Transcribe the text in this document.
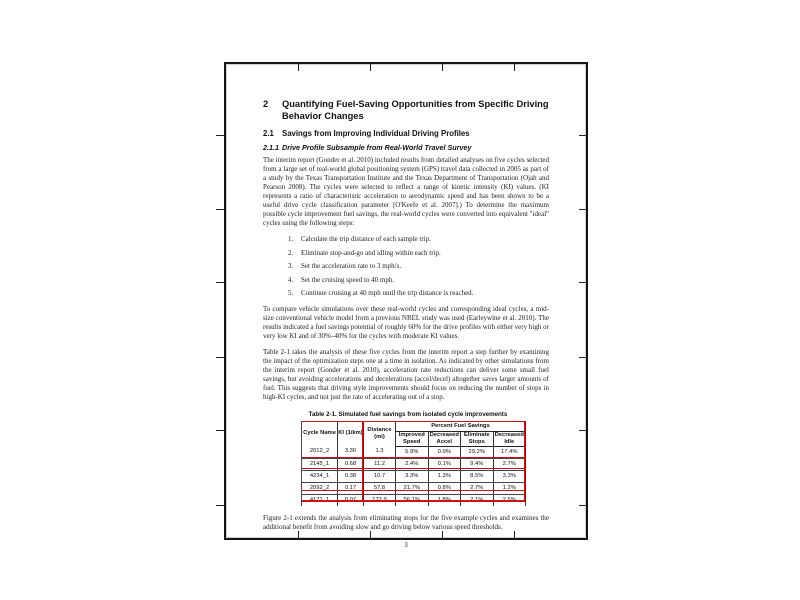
2	Quantifying Fuel-Saving Opportunities from Specific Driving Behavior Changes
2.1	Savings from Improving Individual Driving Profiles
2.1.1 Drive Profile Subsample from Real-World Travel Survey
The interim report (Gonder et al. 2010) included results from detailed analyses on five cycles selected from a large set of real-world global positioning system (GPS) travel data collected in 2005 as part of a study by the Texas Transportation Institute and the Texas Department of Transportation (Ojah and Pearson 2008). The cycles were selected to reflect a range of kinetic intensity (KI) values. (KI represents a ratio of characteristic acceleration to aerodynamic speed and has been shown to be a useful drive cycle classification parameter [O'Keefe et al. 2007].) To determine the maximum possible cycle improvement fuel savings, the real-world cycles were converted into equivalent "ideal" cycles using the following steps:
1.	Calculate the trip distance of each sample trip.
2.	Eliminate stop-and-go and idling within each trip.
3.	Set the acceleration rate to 3 mph/s.
4.	Set the cruising speed to 40 mph.
5.	Continue cruising at 40 mph until the trip distance is reached.
To compare vehicle simulations over these real-world cycles and corresponding ideal cycles, a mid-size conventional vehicle model from a previous NREL study was used (Earleywine et al. 2010). The results indicated a fuel savings potential of roughly 60% for the drive profiles with either very high or very low KI and of 30%–40% for the cycles with moderate KI values.
Table 2-1 takes the analysis of these five cycles from the interim report a step further by examining the impact of the optimization steps one at a time in isolation. As indicated by other simulations from the interim report (Gonder et al. 2010), acceleration rate reductions can deliver some small fuel savings, but avoiding accelerations and decelerations (accel/decel) altogether saves larger amounts of fuel. This suggests that driving style improvements should focus on reducing the number of stops in high-KI cycles, and not just the rate of accelerating out of a stop.
Table 2-1. Simulated fuel savings from isolated cycle improvements
Cycle Name	KI (1/km)	Distance (mi)	Percent Fuel Savings			
			Improved Speed	Decreased Accel	Eliminate Stops	Decreased Idle
2012_2	3.30	1.3	5.9%	0.9%	29.2%	17.4%
2145_1	0.68	11.2	2.4%	0.1%	9.4%	2.7%
4234_1	0.38	10.7	3.3%	1.3%	8.5%	3.3%
2092_2	0.17	57.8	21.7%	0.8%	2.7%	1.2%
4171_1	0.07	172.9	56.1%	1.8%	2.1%	2.5%
Figure 2-1 extends the analysis from eliminating stops for the five example cycles and examines the additional benefit from avoiding slow and go driving below various speed thresholds.
3
